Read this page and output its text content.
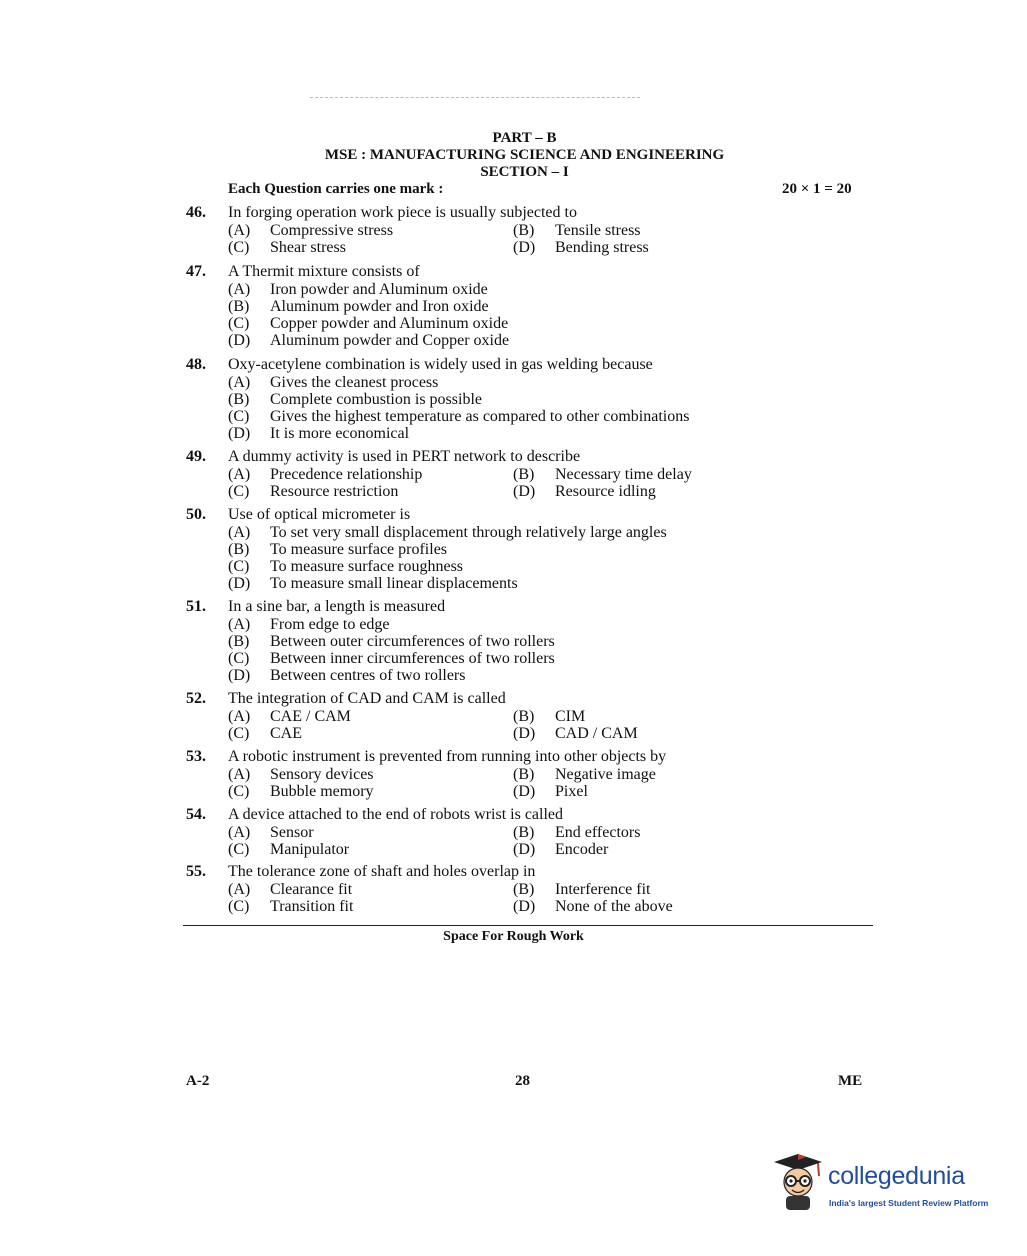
PART – B
MSE : MANUFACTURING SCIENCE AND ENGINEERING
SECTION – I
Each Question carries one mark :	20 × 1 = 20
46.	In forging operation work piece is usually subjected to
(A) Compressive stress	(B) Tensile stress
(C) Shear stress	(D) Bending stress
47.	A Thermit mixture consists of
(A) Iron powder and Aluminum oxide
(B) Aluminum powder and Iron oxide
(C) Copper powder and Aluminum oxide
(D) Aluminum powder and Copper oxide
48.	Oxy-acetylene combination is widely used in gas welding because
(A) Gives the cleanest process
(B) Complete combustion is possible
(C) Gives the highest temperature as compared to other combinations
(D) It is more economical
49.	A dummy activity is used in PERT network to describe
(A) Precedence relationship	(B) Necessary time delay
(C) Resource restriction	(D) Resource idling
50.	Use of optical micrometer is
(A) To set very small displacement through relatively large angles
(B) To measure surface profiles
(C) To measure surface roughness
(D) To measure small linear displacements
51.	In a sine bar, a length is measured
(A) From edge to edge
(B) Between outer circumferences of two rollers
(C) Between inner circumferences of two rollers
(D) Between centres of two rollers
52.	The integration of CAD and CAM is called
(A) CAE / CAM	(B) CIM
(C) CAE	(D) CAD / CAM
53.	A robotic instrument is prevented from running into other objects by
(A) Sensory devices	(B) Negative image
(C) Bubble memory	(D) Pixel
54.	A device attached to the end of robots wrist is called
(A) Sensor	(B) End effectors
(C) Manipulator	(D) Encoder
55.	The tolerance zone of shaft and holes overlap in
(A) Clearance fit	(B) Interference fit
(C) Transition fit	(D) None of the above
Space For Rough Work
A-2	28	ME
collegedunia
India's largest Student Review Platform
